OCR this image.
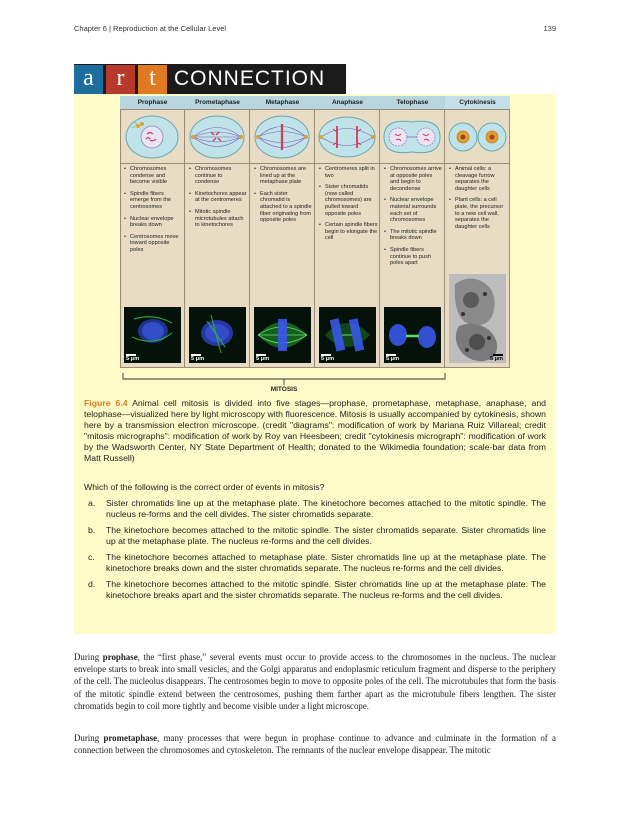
Chapter 6 | Reproduction at the Cellular Level	139
a r	t CONNECTION
Prophase
• Chromosomes condense and become visible
• Spindle fibers emerge from the centrosomes
• Nuclear envelope breaks down
• Centrosomes move toward opposite poles
5 μm
Prometaphase
• Chromosomes continue to condense
• Kinetochores appear at the centromeres
• Mitotic spindle microtubules attach to kinetochores
5 μm
Metaphase
• Chromosomes are lined up at the metaphase plate
• Each sister chromatid is attached to a spindle fiber originating from opposite poles
5 μm
Anaphase
• Centromeres split in two
• Sister chromatids (now called chromosomes) are pulled toward opposite poles
• Certain spindle fibers begin to elongate the cell
5 μm
Telophase
• Chromosomes arrive at opposite poles and begin to decondense
• Nuclear envelope material surrounds each set of chromosomes
• The mitotic spindle breaks down
• Spindle fibers continue to push poles apart
5 μm
Cytokinesis
• Animal cells: a cleavage furrow separates the daughter cells
• Plant cells: a cell plate, the precursor to a new cell wall, separates the daughter cells
5 μm
MITOSIS
Figure 6.4 Animal cell mitosis is divided into five stages—prophase, prometaphase, metaphase, anaphase, and telophase—visualized here by light microscopy with fluorescence. Mitosis is usually accompanied by cytokinesis, shown here by a transmission electron microscope. (credit "diagrams": modification of work by Mariana Ruiz Villareal; credit "mitosis micrographs": modification of work by Roy van Heesbeen; credit "cytokinesis micrograph": modification of work by the Wadsworth Center, NY State Department of Health; donated to the Wikimedia foundation; scale-bar data from Matt Russell)
Which of the following is the correct order of events in mitosis?
a. Sister chromatids line up at the metaphase plate. The kinetochore becomes attached to the mitotic spindle. The nucleus re-forms and the cell divides. The sister chromatids separate.
b. The kinetochore becomes attached to the mitotic spindle. The sister chromatids separate. Sister chromatids line up at the metaphase plate. The nucleus re-forms and the cell divides.
c. The kinetochore becomes attached to metaphase plate. Sister chromatids line up at the metaphase plate. The kinetochore breaks down and the sister chromatids separate. The nucleus re-forms and the cell divides.
d. The kinetochore becomes attached to the mitotic spindle. Sister chromatids line up at the metaphase plate. The kinetochore breaks apart and the sister chromatids separate. The nucleus re-forms and the cell divides.

During prophase, the “first phase,” several events must occur to provide access to the chromosomes in the nucleus. The nuclear envelope starts to break into small vesicles, and the Golgi apparatus and endoplasmic reticulum fragment and disperse to the periphery of the cell. The nucleolus disappears. The centrosomes begin to move to opposite poles of the cell. The microtubules that form the basis of the mitotic spindle extend between the centrosomes, pushing them farther apart as the microtubule fibers lengthen. The sister chromatids begin to coil more tightly and become visible under a light microscope.

During prometaphase, many processes that were begun in prophase continue to advance and culminate in the formation of a connection between the chromosomes and cytoskeleton. The remnants of the nuclear envelope disappear. The mitotic
